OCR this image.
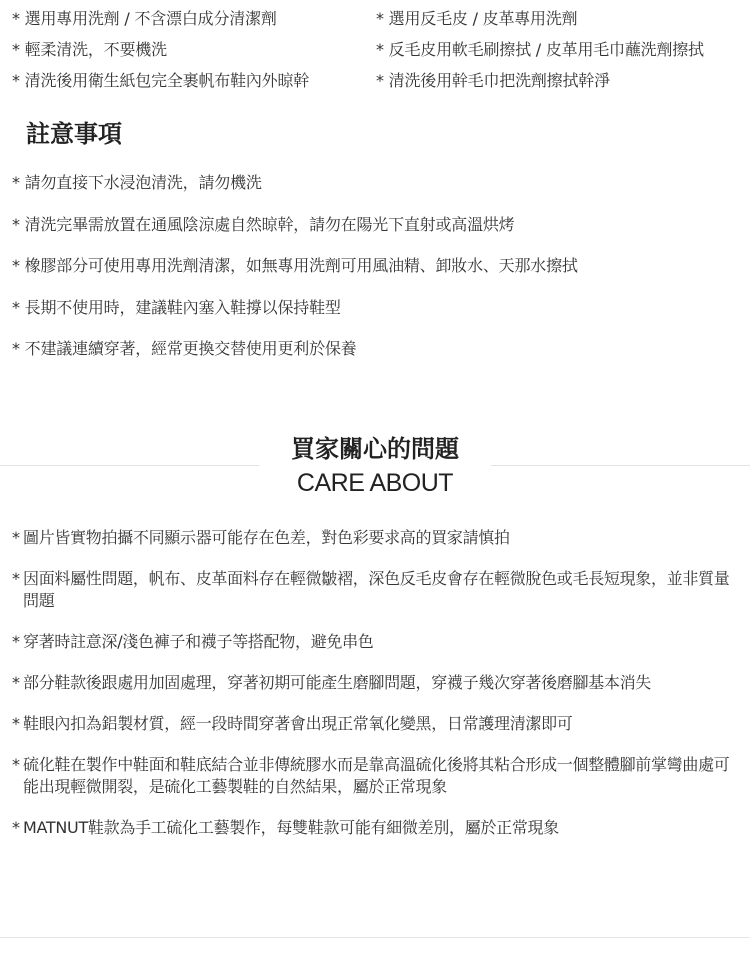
* 選用專用洗劑 / 不含漂白成分清潔劑
* 輕柔清洗，不要機洗
* 清洗後用衛生紙包完全裹帆布鞋內外晾幹
* 選用反毛皮 / 皮革專用洗劑
* 反毛皮用軟毛刷擦拭 / 皮革用毛巾蘸洗劑擦拭
* 清洗後用幹毛巾把洗劑擦拭幹淨
註意事項
* 請勿直接下水浸泡清洗，請勿機洗
* 清洗完畢需放置在通風陰涼處自然晾幹，請勿在陽光下直射或高溫烘烤
* 橡膠部分可使用專用洗劑清潔，如無專用洗劑可用風油精、卸妝水、天那水擦拭
* 長期不使用時，建議鞋內塞入鞋撐以保持鞋型
* 不建議連續穿著，經常更換交替使用更利於保養
買家關心的問題
CARE ABOUT
* 圖片皆實物拍攝不同顯示器可能存在色差，對色彩要求高的買家請慎拍
* 因面料屬性問題，帆布、皮革面料存在輕微皺褶，深色反毛皮會存在輕微脫色或毛長短現象，並非質量問題
* 穿著時註意深/淺色褲子和襪子等搭配物，避免串色
* 部分鞋款後跟處用加固處理，穿著初期可能產生磨腳問題，穿襪子幾次穿著後磨腳基本消失
* 鞋眼內扣為鋁製材質，經一段時間穿著會出現正常氧化變黑，日常護理清潔即可
* 硫化鞋在製作中鞋面和鞋底結合並非傳統膠水而是靠高溫硫化後將其粘合形成一個整體腳前掌彎曲處可能出現輕微開裂，是硫化工藝製鞋的自然結果，屬於正常現象
* MATNUT鞋款為手工硫化工藝製作，每雙鞋款可能有細微差別，屬於正常現象
